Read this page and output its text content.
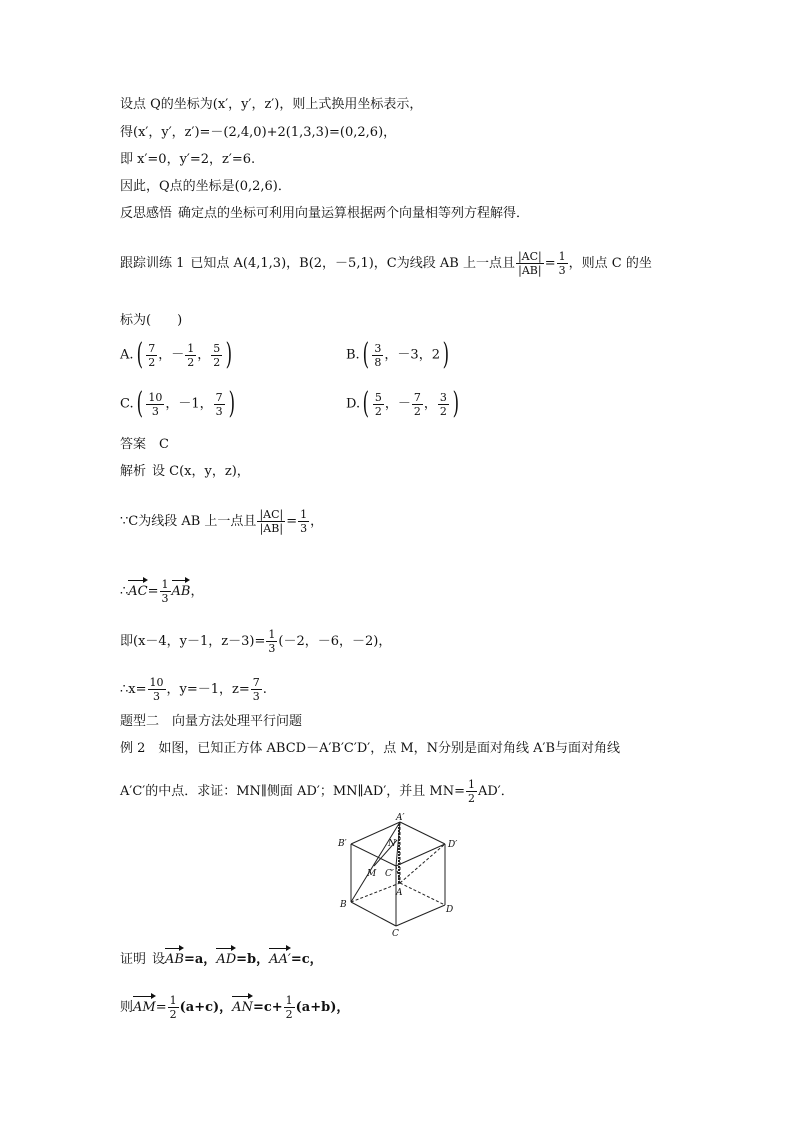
设点 Q的坐标为(x′，y′，z′)，则上式换用坐标表示，
得(x′，y′，z′)=－(2,4,0)+2(1,3,3)=(0,2,6)，
即 x′=0，y′=2，z′=6.
因此，Q点的坐标是(0,2,6)．
反思感悟 确定点的坐标可利用向量运算根据两个向量相等列方程解得．
跟踪训练 1 已知点 A(4,1,3)，B(2，－5,1)，C为线段 AB 上一点且 $\frac{|AC|}{|AB|} = \frac{1}{3}$ ，则点 C 的坐
标为(　　)
$A.( \frac{7}{2}$ ，－ $\frac{1}{2}$ ， $\frac{5}{2}$ )	$B.( \frac{3}{8}$ ，－3，2)
$C.( \frac{10}{3}$ ，－1， $\frac{7}{3}$ )	$D.( \frac{5}{2}$ ，－ $\frac{7}{2}$ ， $\frac{3}{2}$ )
答案　C
解析 设 C(x，y，z)，
∵C为线段 AB 上一点且 $\frac{|AC|}{|AB|} = \frac{1}{3}$ ，
∴AC= $\frac{1}{3}$ AB，
即(x－4，y－1，$z-3)= \frac{1}{3} (-2$，－6，－2)，
∴x= $\frac{10}{3}$ ，y=－1，$z= \frac{7}{3}$ .
题型二　向量方法处理平行问题
例 2　如图，已知正方体 ABCD－A′B′C′D′，点 M，N分别是面对角线 A′B与面对角线
A′C′的中点．求证：MN∥侧面 AD′；MN∥AD′，并且 $MN= \frac{1}{2} AD'$．
A′
B′	D′
C′
N
M
A
B	D
C
证明 设AB=a，AD=b，AA′=c，
则$AM= \frac{1}{2} (a+c)$，$AN=c+ \frac{1}{2} (a+b)$，
